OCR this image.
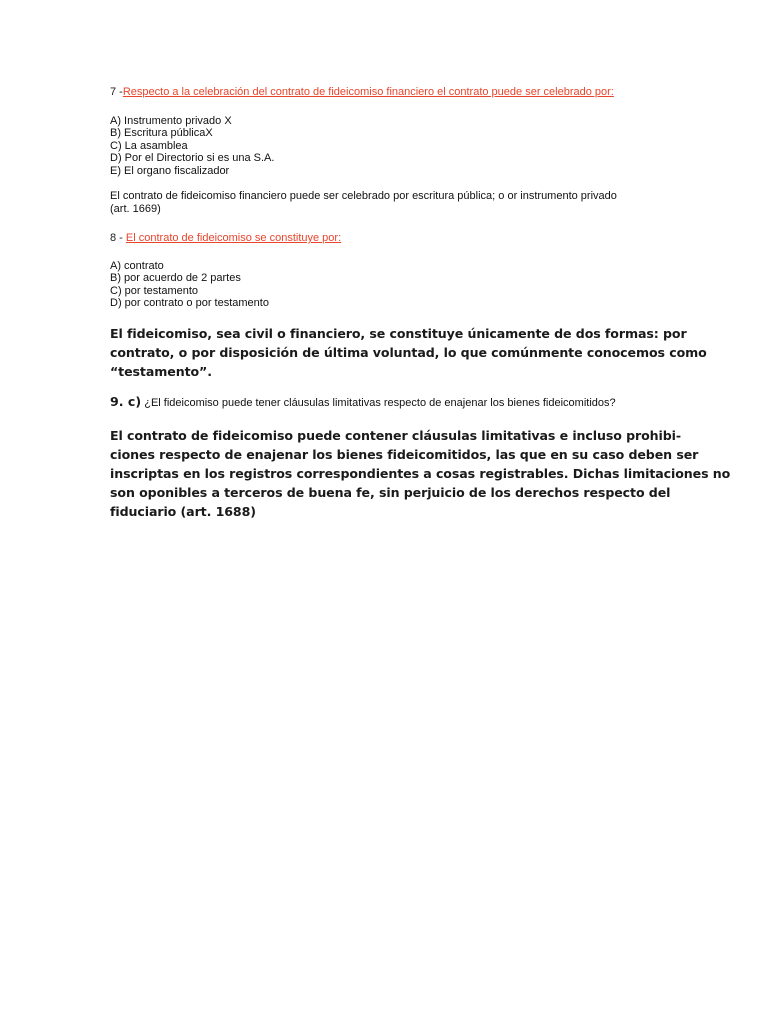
7 -Respecto a la celebración del contrato de fideicomiso financiero el contrato puede ser celebrado por:

A) Instrumento privado X
B) Escritura públicaX
C) La asamblea
D) Por el Directorio si es una S.A.
E) El organo fiscalizador
El contrato de fideicomiso financiero puede ser celebrado por escritura pública; o or instrumento privado
(art. 1669)

8 - El contrato de fideicomiso se constituye por:

A) contrato
B) por acuerdo de 2 partes
C) por testamento
D) por contrato o por testamento
El fideicomiso, sea civil o financiero, se constituye únicamente de dos formas: por
contrato, o por disposición de última voluntad, lo que comúnmente conocemos como
“testamento”.

9. c) ¿El fideicomiso puede tener cláusulas limitativas respecto de enajenar los bienes fideicomitidos?

El contrato de fideicomiso puede contener cláusulas limitativas e incluso prohibi-
ciones respecto de enajenar los bienes fideicomitidos, las que en su caso deben ser
inscriptas en los registros correspondientes a cosas registrables. Dichas limitaciones no
son oponibles a terceros de buena fe, sin perjuicio de los derechos respecto del
fiduciario (art. 1688)
